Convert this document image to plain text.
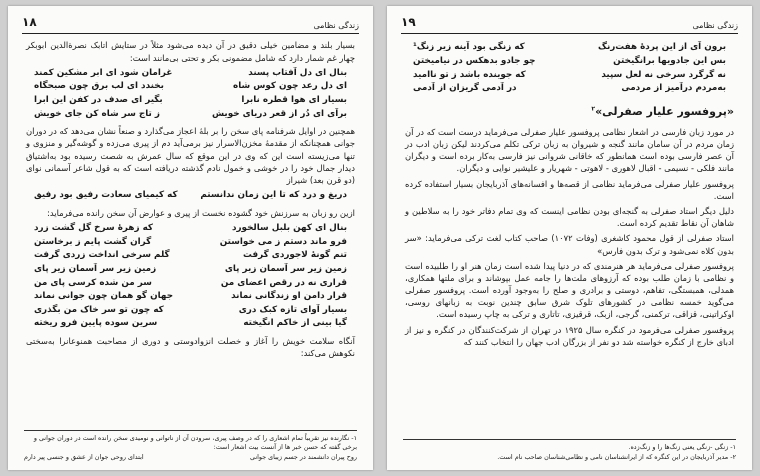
زندگی نظامی
۱۸

بسیار بلند و مضامین خیلی دقیق در آن دیده می‌شود مثلاً در ستایش اتابک نصرةالدین ابوبکر چهار غم شمار دارد که شامل مضمونی بکر و تحتی بی‌مانند است:

بنال ای دل آفتاب پسند
غرامان شود ای ابر مشکین کمند
ای دل رعد چون کوس شاه
بخندد ای لب برق چون صبحگاه
بسیار ای هوا قطره نابرا
بگیر ای صدف در کفن این ابرا
برآی ای دُر از قعر دریای خویش
ز تاج سر شاه کن جای خویش

همچنین در اوایل شرفنامه پای سخن را بر بلهٔ اعجاز می‌گذارد و صنعاً نشان می‌دهد که در دوران جوانی همچنانکه از مقدمهٔ مخزن‌الاسرار نیز برمی‌آید دم از پیری می‌زده و گوشه‌گیر و منزوی و تنها می‌زیسته است این که وی در این موقع که سال عمرش به شصت رسیده بود به‌اشتیاق دیدار جمال خود را در خوشی و خمول نادم گذشته دریافته است که به قول شاعر آسمانی نوای (دو قرن بعد) شیراز

دریغ و درد که تا این زمان ندانستم
که کیمیای سعادت رفیق بود رفیق

ازین رو زبان به سرزنش خود گشوده نخست از پیری و عوارض آن سخن رانده می‌فرماید:

بنال ای کهن بلبل سالخورد
که زهرهٔ سرخ گل گشت زرد
فرو ماند دستم ز می خواستن
گران گشت پایم ز برخاستن
تنم گونهٔ لاجوردی گرفت
گلم سرخی انداخت زردی گرفت
زمین زیر سر آسمان زیر پای
زمین زیر سر آسمان زیر پای
قراری نه در رقص اعضای من
سر من شده کرسی پای من
قرار دامن او زندگانی نماند
جهان گو همان چون جوانی نماند
بسیار آوای تازه کبک دری
که چون تو سر خاک من بگذری
گیا بینی از خاکم انگیخته
سرین سوده پایین فرو ریخته

آنگاه سلامت خویش را آغاز و خصلت انزوادوستی و دوری از مصاحبت همنوعانرا به‌سختی نکوهش می‌کند:

۱- نگارنده نیز تقریباً تمام اشعاری را که در وصف پیری، سرودن آن از ناتوانی و نومیدی سخن رانده است در دوران جوانی و برخی گفته که حسن خبر ها از آنست بیت اشعار است:
روح پیران دانشمند در جسم زیبای جوانی
ابتدای روحی جوان از عشق و جنسی پیر دارم
زندگی نظامی
۱۹
برون آی از این پردهٔ هفت‌رنگ
که زنگی بود آینه زیر زنگ¹
بس این جادویها برانگیختن
چو جادو بدهکس در نیامیختن
نه گرگرد سرخی نه لعل سپید
که جوینده باشد ز تو ناامید
به‌مردم درآمیز از مردمی
در آدمی گریزان از آدمی
«پروفسور علیار صفرلی»$^۲$

در مورد زبان فارسی در اشعار نظامی پروفسور علیار صفرلی می‌فرماید درست است که در آن زمان مردم در آن سامان مانند گنجه و شیروان به زبان ترکی تکلم می‌کردند لیکن زبان ادب در آن عصر فارسی بوده است همانطور که خاقانی شروانی نیز فارسی به‌کار برده است و دیگران مانند فلکی - نسیمی - اقبال لاهوری - لاهوتی - شهریار و علیشیر نوایی و دیگران.

پروفسور علیار صفرلی می‌فرماید نظامی از قصه‌ها و افسانه‌های آذربایجان بسیار استفاده کرده است.

دلیل دیگر استاد صفرلی به گنجه‌ای بودن نظامی اینست که وی تمام دفاتر خود را به سلاطین و شاهان آن نقاط تقدیم کرده است.

استاد صفرلی از قول محمود کاشغری (وفات ۱۰۷۲) صاحب کتاب لغت ترکی می‌فرماید: «سر بدون کلاه نمی‌شود و ترک بدون فارس»

پروفسور صفرلی می‌فرماید هر هنرمندی که در دنیا پیدا شده است زمان هنر او را طلبیده است و نظامی با زمان طلب بوده که آرزوهای ملت‌ها را جامه عمل بپوشاند و برای ملتها همکاری، همدلی، همبستگی، تفاهم، دوستی و برادری و صلح را به‌وجود آورده است. پروفسور صفرلی می‌گوید خمسه نظامی در کشورهای تلوک شرق سابق چندین نوبت به زبانهای روسی، اوکراتینی، قزاقی، ترکمنی، گرجی، ازبک، قرقیزی، تاتاری و ترکی به چاپ رسیده است.

پروفسور صفرلی می‌فرمود در کنگره سال ۱۹۲۵ در تهران از شرکت‌کنندگان در کنگره و نیز از ادبای خارج از کنگره خواسته شد دو نفر از بزرگان ادب جهان را انتخاب کنند که

۱- زنگی -زنگی یعنی زنگ‌ها را و زنگ‌زده.
۲- مدیر آذربایجان در این کنگره که از ایرانشناسان نامی و نظامی‌شناسان صاحب نام است.
